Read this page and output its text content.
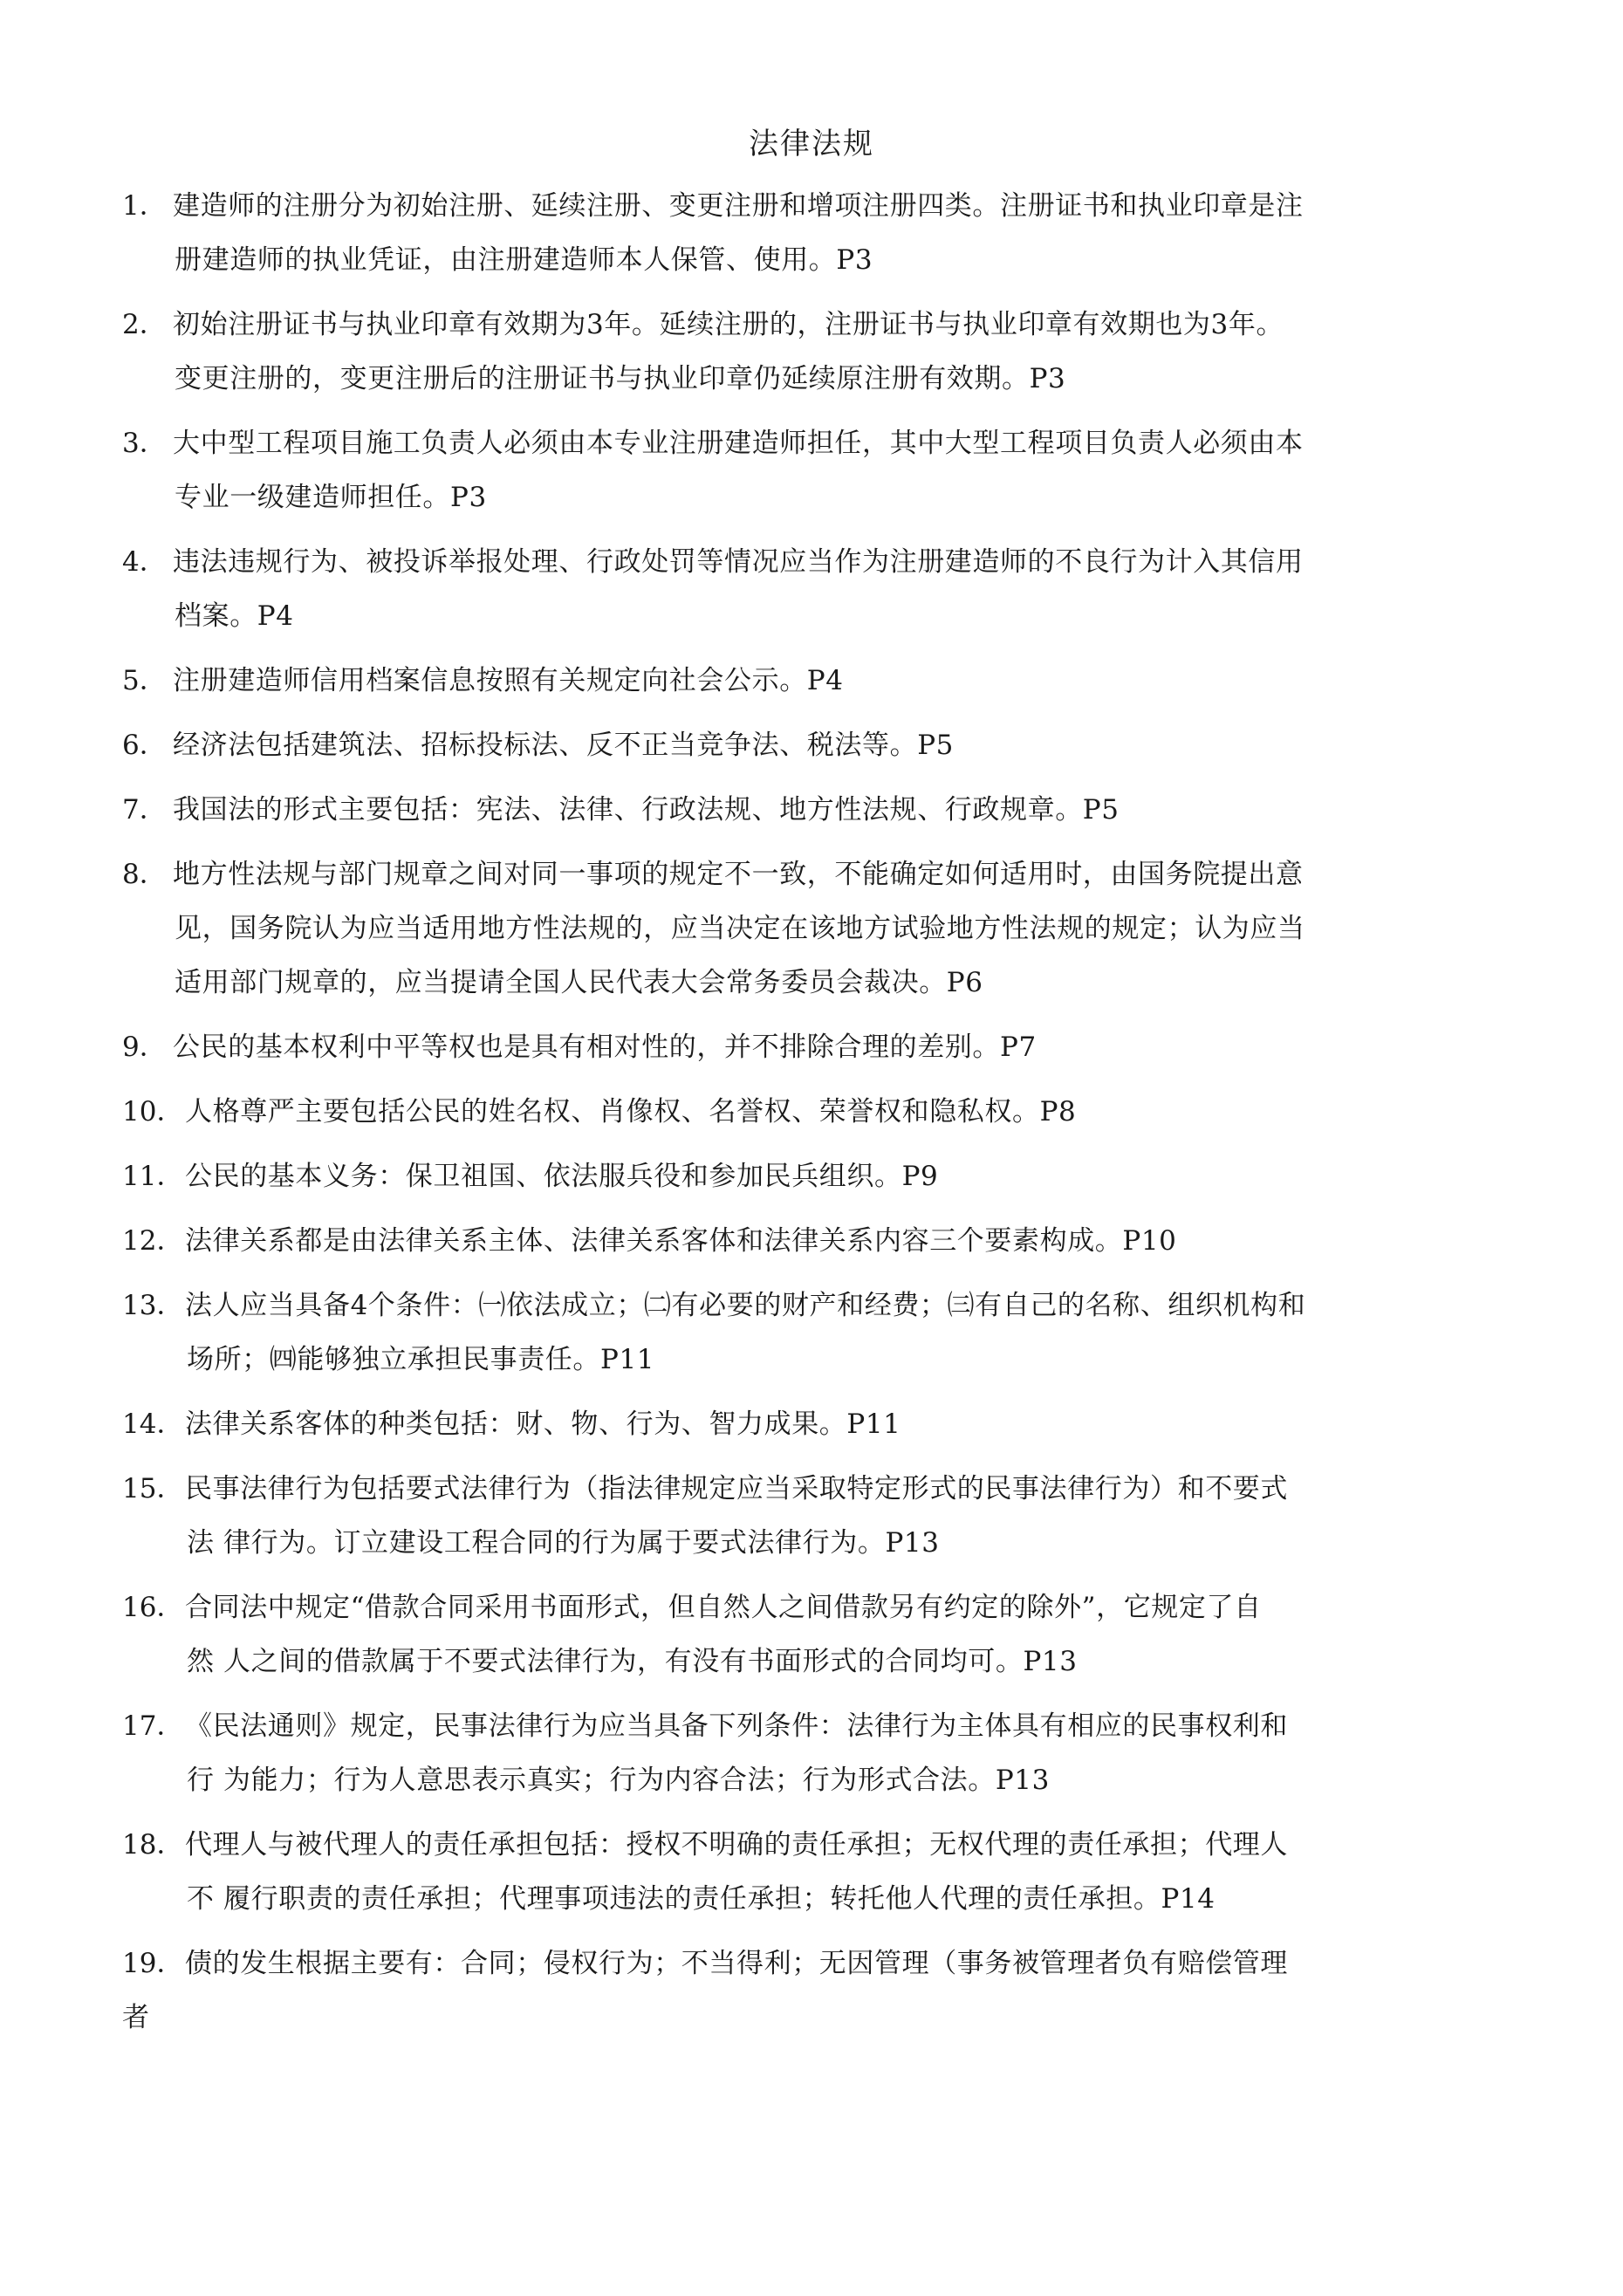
法律法规
1． 建造师的注册分为初始注册、延续注册、变更注册和增项注册四类。注册证书和执业印章是注
册建造师的执业凭证，由注册建造师本人保管、使用。P3
2． 初始注册证书与执业印章有效期为3年。延续注册的，注册证书与执业印章有效期也为3年。
变更注册的，变更注册后的注册证书与执业印章仍延续原注册有效期。P3
3． 大中型工程项目施工负责人必须由本专业注册建造师担任，其中大型工程项目负责人必须由本
专业一级建造师担任。P3
4． 违法违规行为、被投诉举报处理、行政处罚等情况应当作为注册建造师的不良行为计入其信用
档案。P4
5． 注册建造师信用档案信息按照有关规定向社会公示。P4
6． 经济法包括建筑法、招标投标法、反不正当竞争法、税法等。P5
7． 我国法的形式主要包括：宪法、法律、行政法规、地方性法规、行政规章。P5
8． 地方性法规与部门规章之间对同一事项的规定不一致，不能确定如何适用时，由国务院提出意
见，国务院认为应当适用地方性法规的，应当决定在该地方试验地方性法规的规定；认为应当
适用部门规章的，应当提请全国人民代表大会常务委员会裁决。P6
9． 公民的基本权利中平等权也是具有相对性的，并不排除合理的差别。P7
10． 人格尊严主要包括公民的姓名权、肖像权、名誉权、荣誉权和隐私权。P8
11． 公民的基本义务：保卫祖国、依法服兵役和参加民兵组织。P9
12． 法律关系都是由法律关系主体、法律关系客体和法律关系内容三个要素构成。P10
13． 法人应当具备4个条件：㈠依法成立；㈡有必要的财产和经费；㈢有自己的名称、组织机构和
场所；㈣能够独立承担民事责任。P11
14． 法律关系客体的种类包括：财、物、行为、智力成果。P11
15． 民事法律行为包括要式法律行为（指法律规定应当采取特定形式的民事法律行为）和不要式
法 律行为。订立建设工程合同的行为属于要式法律行为。P13
16． 合同法中规定“借款合同采用书面形式，但自然人之间借款另有约定的除外”，它规定了自
然 人之间的借款属于不要式法律行为，有没有书面形式的合同均可。P13
17． 《民法通则》规定，民事法律行为应当具备下列条件：法律行为主体具有相应的民事权利和
行 为能力；行为人意思表示真实；行为内容合法；行为形式合法。P13
18． 代理人与被代理人的责任承担包括：授权不明确的责任承担；无权代理的责任承担；代理人
不 履行职责的责任承担；代理事项违法的责任承担；转托他人代理的责任承担。P14
19． 债的发生根据主要有：合同；侵权行为；不当得利；无因管理（事务被管理者负有赔偿管理
者
